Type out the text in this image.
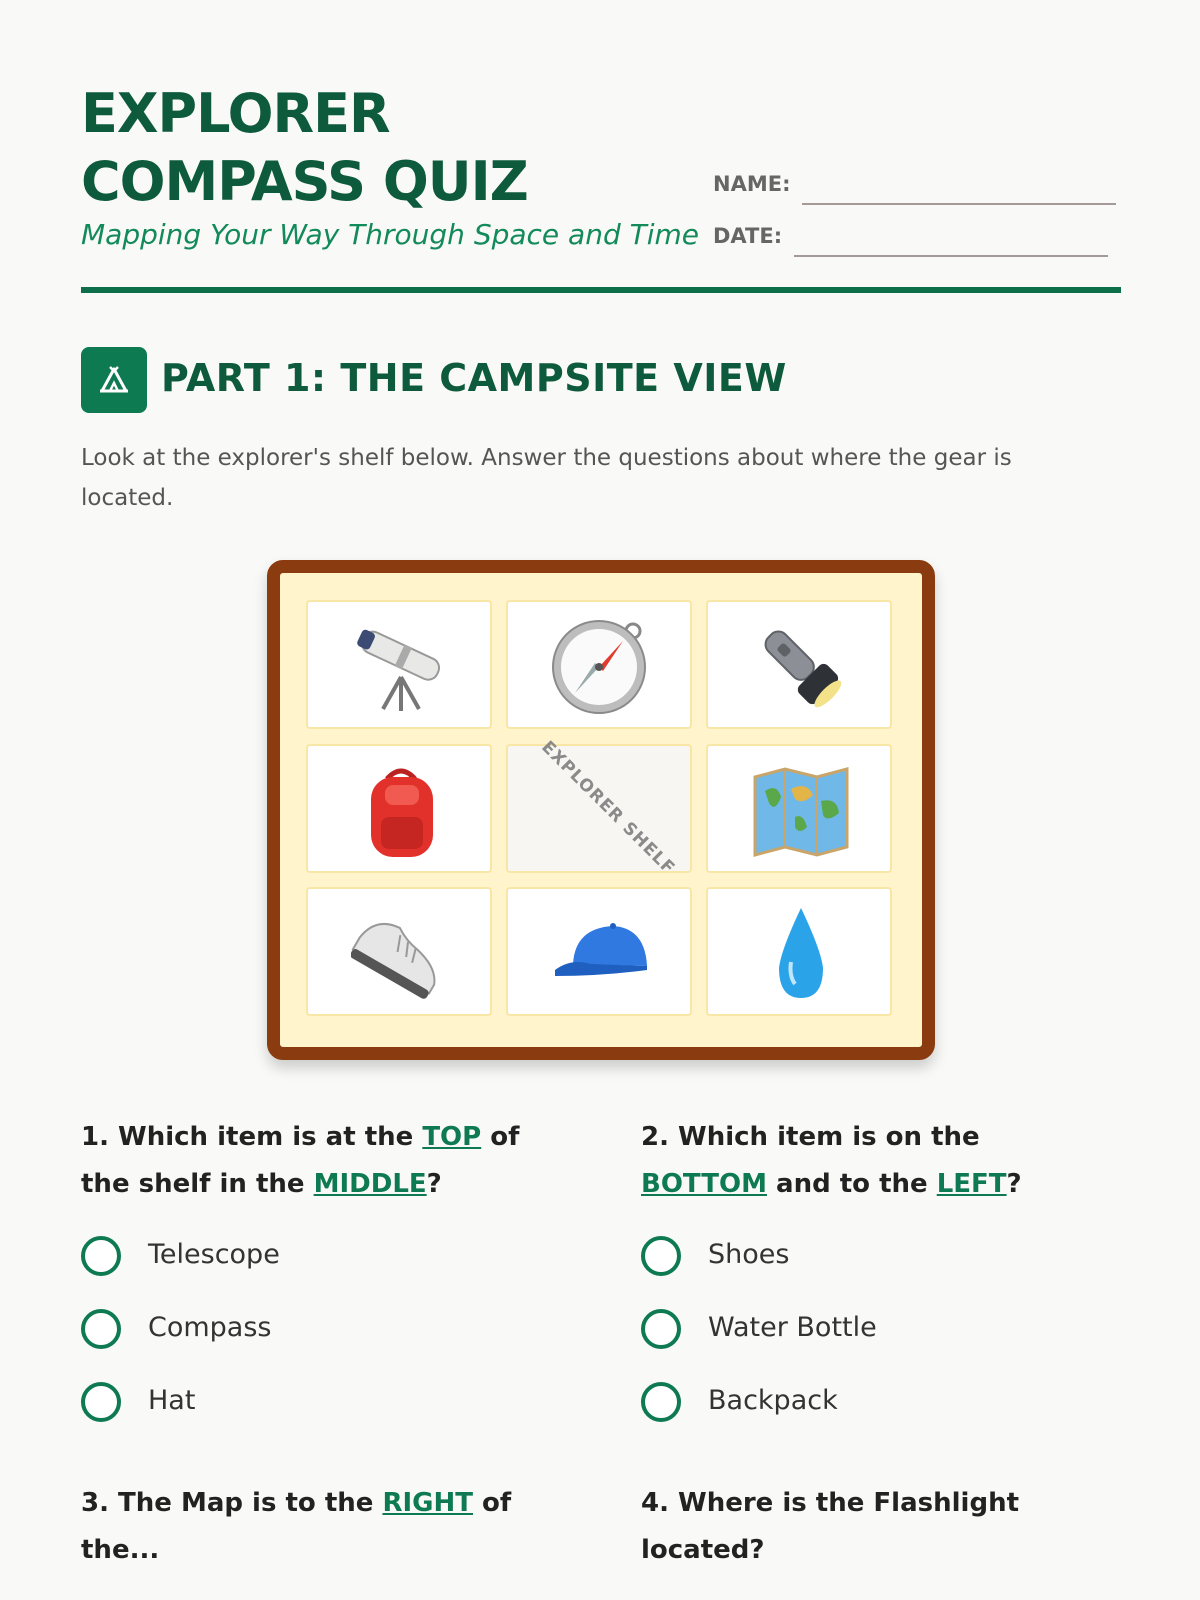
EXPLORER
COMPASS QUIZ
Mapping Your Way Through Space and Time
NAME:
DATE:
PART 1: THE CAMPSITE VIEW
Look at the explorer's shelf below. Answer the questions about where the gear is located.
EXPLORER SHELF
1. Which item is at the TOP of the shelf in the MIDDLE?
Telescope
Compass
Hat
2. Which item is on the BOTTOM and to the LEFT?
Shoes
Water Bottle
Backpack
3. The Map is to the RIGHT of the...
4. Where is the Flashlight located?
